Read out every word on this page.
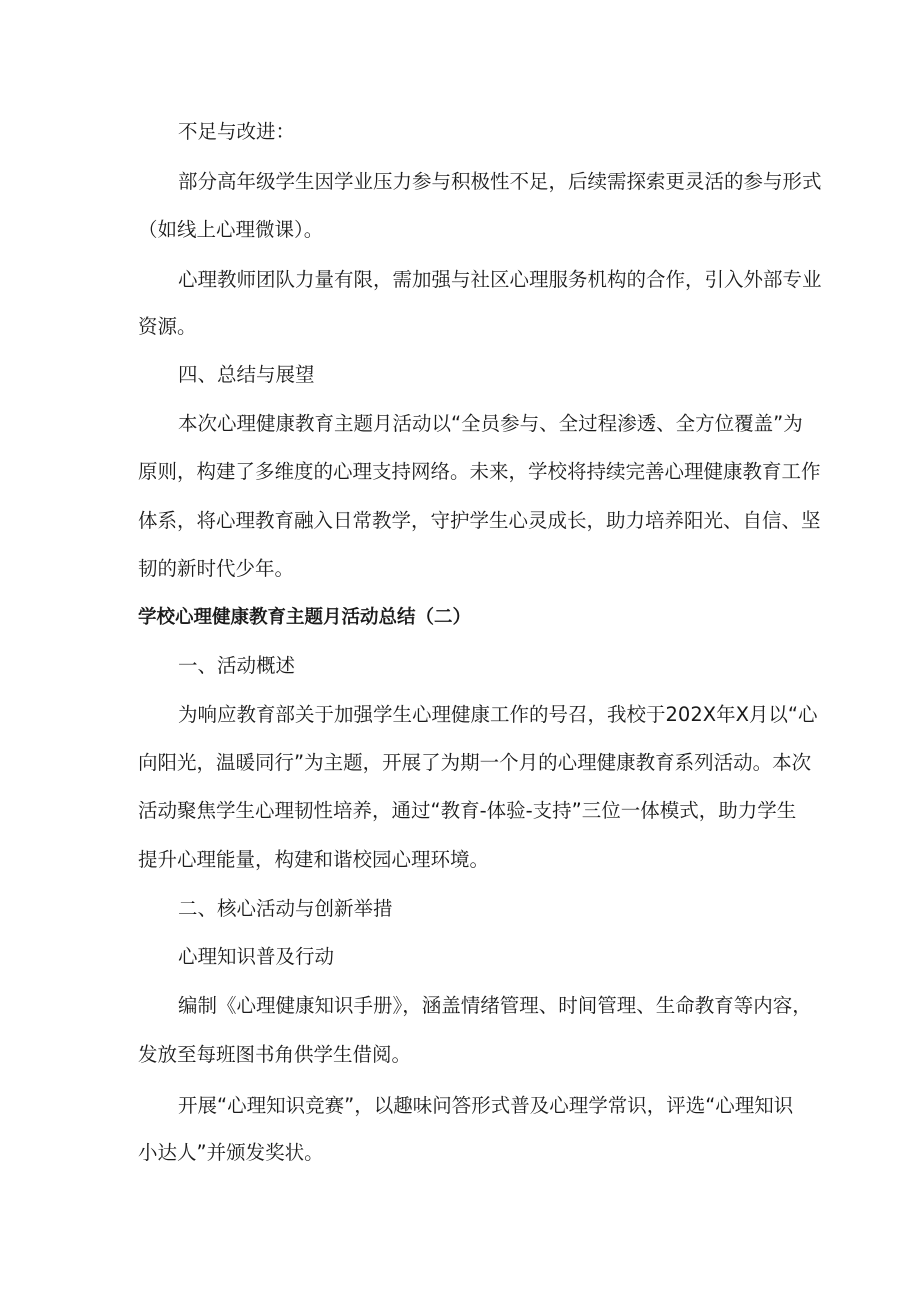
不足与改进：
部分高年级学生因学业压力参与积极性不足，后续需探索更灵活的参与形式
（如线上心理微课）。
心理教师团队力量有限，需加强与社区心理服务机构的合作，引入外部专业
资源。
四、总结与展望
本次心理健康教育主题月活动以“全员参与、全过程渗透、全方位覆盖”为
原则，构建了多维度的心理支持网络。未来，学校将持续完善心理健康教育工作
体系，将心理教育融入日常教学，守护学生心灵成长，助力培养阳光、自信、坚
韧的新时代少年。
学校心理健康教育主题月活动总结（二）
一、活动概述
为响应教育部关于加强学生心理健康工作的号召，我校于202X年X月以“心
向阳光，温暖同行”为主题，开展了为期一个月的心理健康教育系列活动。本次
活动聚焦学生心理韧性培养，通过“教育-体验-支持”三位一体模式，助力学生
提升心理能量，构建和谐校园心理环境。
二、核心活动与创新举措
心理知识普及行动
编制《心理健康知识手册》，涵盖情绪管理、时间管理、生命教育等内容，
发放至每班图书角供学生借阅。
开展“心理知识竞赛”，以趣味问答形式普及心理学常识，评选“心理知识
小达人”并颁发奖状。
